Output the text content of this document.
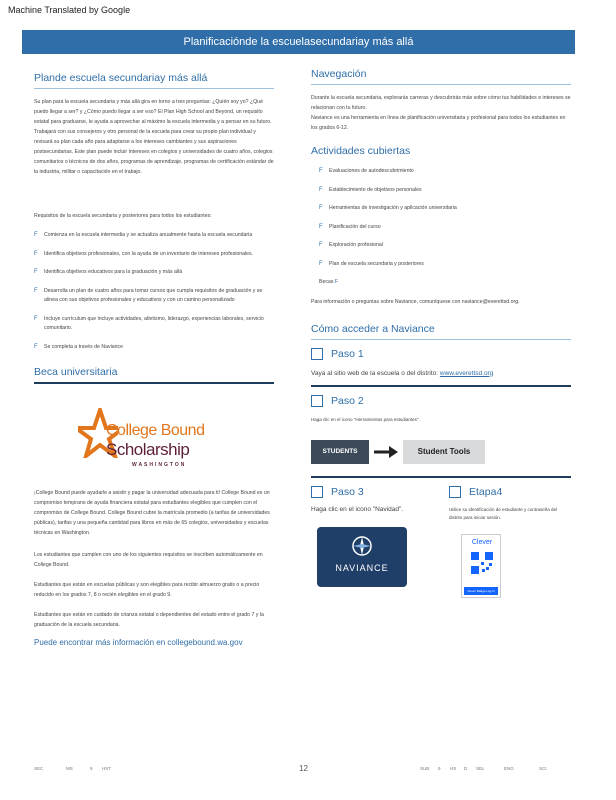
Machine Translated by Google
Planificaciónde la escuelasecundariay más allá
Plande escuela secundariay más allá

Su plan para la escuela secundaria y más allá gira en torno a tres preguntas: ¿Quién soy yo? ¿Qué puedo llegar a ser? y ¿Cómo puedo llegar a ser eso? El Plan High School and Beyond, un requisito estatal para graduarse, le ayuda a aprovechar al máximo la escuela intermedia y a pensar en su futuro. Trabajará con sus consejeros y otro personal de la escuela para crear su propio plan individual y revisará su plan cada año para adaptarse a los intereses cambiantes y sus aspiraciones postsecundarias. Este plan puede incluir intereses en colegios y universidades de cuatro años, colegios comunitarios o técnicos de dos años, programas de aprendizaje, programas de certificación estándar de la industria, militar o capacitación en el trabajo.

Requisitos de la escuela secundaria y posteriores para todos los estudiantes:

F Comienza en la escuela intermedia y se actualiza anualmente hasta la escuela secundaria
F Identifica objetivos profesionales, con la ayuda de un inventario de intereses profesionales.
F Identifica objetivos educativos para la graduación y más allá
F Desarrolla un plan de cuatro años para tomar cursos que cumpla requisitos de graduación y se alinea con sus objetivos profesionales y educativos y con un camino personalizado
F Incluye currículum que incluye actividades, atletismo, liderazgo, experiencias laborales, servicio comunitario.
F Se completa a través de Naviance
Beca universitaria
College Bound
Scholarship
WASHINGTON

¡College Bound puede ayudarle a asistir y pagar la universidad adecuada para ti! College Bound es un compromiso temprano de ayuda financiera estatal para estudiantes elegibles que cumplen con el compromiso de College Bound. College Bound cubre la matrícula promedio (a tarifas de universidades públicas), tarifas y una pequeña cantidad para libros en más de 65 colegios, universidades y escuelas técnicas en Washington.

Los estudiantes que cumplen con uno de los siguientes requisitos se inscriben automáticamente en College Bound.

Estudiantes que están en escuelas públicas y son elegibles para recibir almuerzo gratis o a precio reducido en los grados 7, 8 o recién elegibles en el grado 9.

Estudiantes que están en cuidado de crianza estatal o dependientes del estado entre el grado 7 y la graduación de la escuela secundaria.

Puede encontrar más información en collegebound.wa.gov

Navegación

Durante la escuela secundaria, explorarás carreras y descubrirás más sobre cómo tus habilidades e intereses se relacionan con tu futuro.

Naviance es una herramienta en línea de planificación universitaria y profesional para todos los estudiantes en los grados 6-12.

Actividades cubiertas
F Evaluaciones de autodescubrimiento
F Establecimiento de objetivos personales
F Herramientas de investigación y aplicación universitaria
F Planificación del curso
F Exploración profesional
F Plan de escuela secundaria y posteriores
Becas F

Para información o preguntas sobre Naviance, comuníquese con naviance@everettsd.org.

Cómo acceder a Naviance
Paso 1

Vaya al sitio web de la escuela o del distrito: www.everettsd.org

Paso 2

Haga clic en el icono "Herramientas para estudiantes".

STUDENTS	Student Tools
Paso 3

Haga clic en el icono "Navidad".

NAVIANCE
Etapa4

Utilice su identificación de estudiante y contraseña del distrito para iniciar sesión.

Clever
Clever Badge Log In
SEC	MS	9 HST	SUB 9 HS D SEL	ENG	SCI
12
